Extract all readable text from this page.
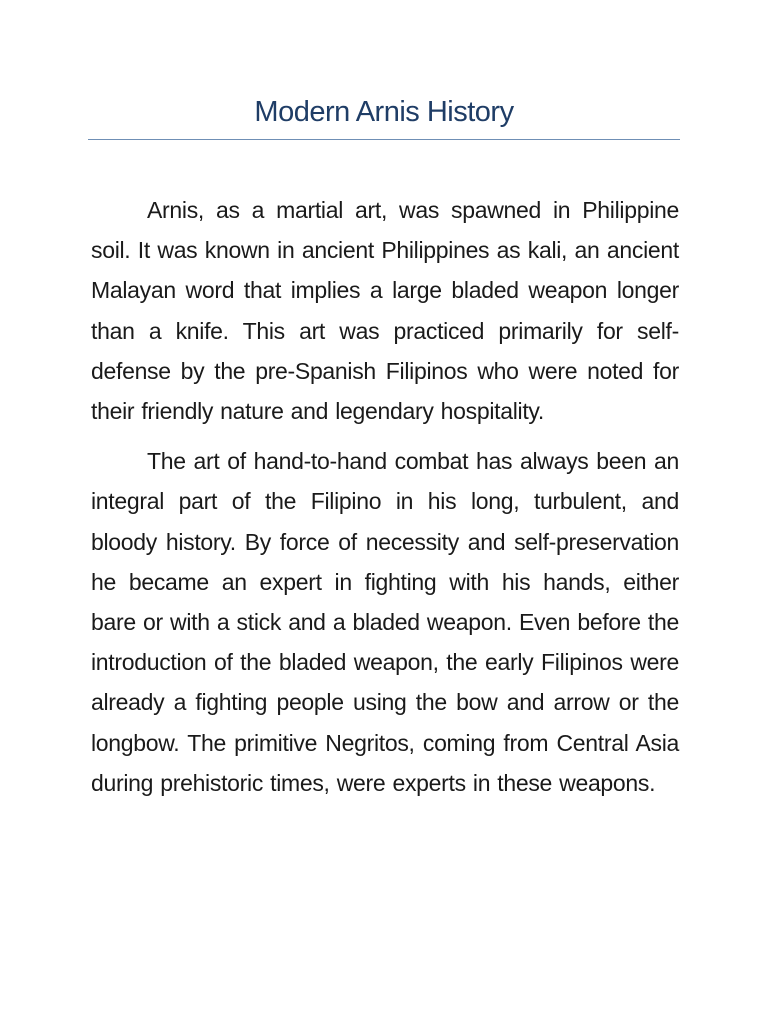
Modern Arnis History

Arnis, as a martial art, was spawned in Philippine soil. It was known in ancient Philippines as kali, an ancient Malayan word that implies a large bladed weapon longer than a knife. This art was practiced primarily for self-defense by the pre-Spanish Filipinos who were noted for their friendly nature and legendary hospitality.

The art of hand-to-hand combat has always been an integral part of the Filipino in his long, turbulent, and bloody history. By force of necessity and self-preservation he became an expert in fighting with his hands, either bare or with a stick and a bladed weapon. Even before the introduction of the bladed weapon, the early Filipinos were already a fighting people using the bow and arrow or the longbow. The primitive Negritos, coming from Central Asia during prehistoric times, were experts in these weapons.
